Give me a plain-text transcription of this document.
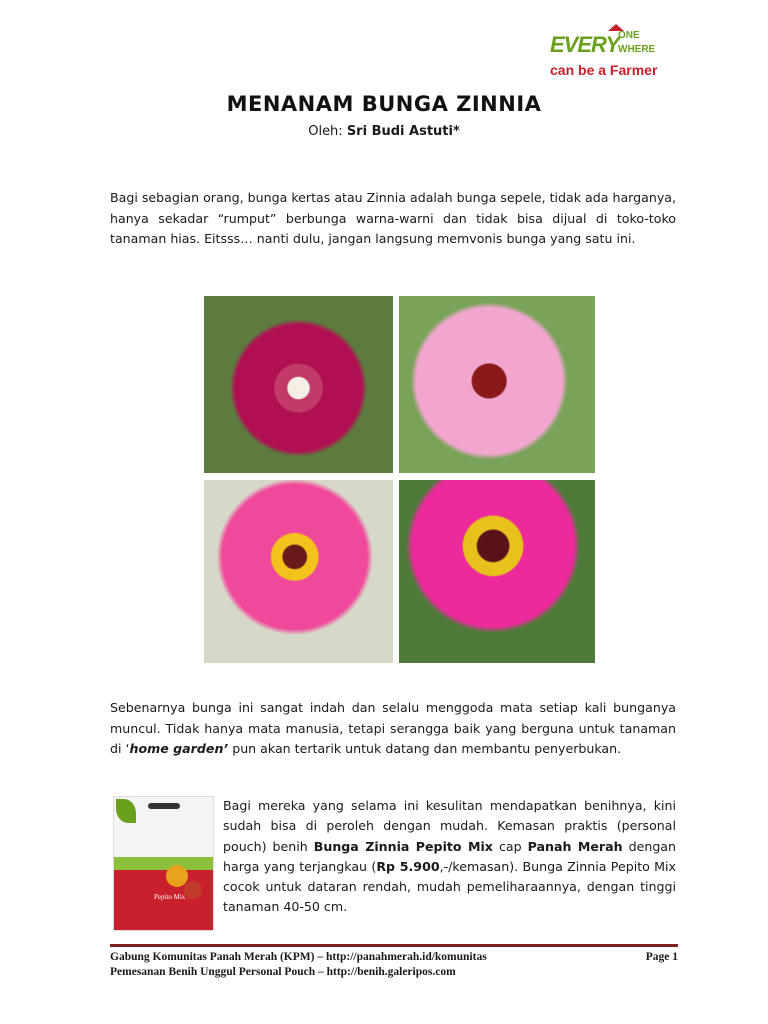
EVERY
ONE
WHERE
can be a Farmer
MENANAM BUNGA ZINNIA
Oleh: Sri Budi Astuti*
Bagi sebagian orang, bunga kertas atau Zinnia adalah bunga sepele, tidak ada harganya, hanya sekadar “rumput” berbunga warna-warni dan tidak bisa dijual di toko-toko tanaman hias. Eitsss… nanti dulu, jangan langsung memvonis bunga yang satu ini.
Sebenarnya bunga ini sangat indah dan selalu menggoda mata setiap kali bunganya muncul. Tidak hanya mata manusia, tetapi serangga baik yang berguna untuk tanaman di ‘home garden’ pun akan tertarik untuk datang dan membantu penyerbukan.
Pepito Mix
Bagi mereka yang selama ini kesulitan mendapatkan benihnya, kini sudah bisa di peroleh dengan mudah. Kemasan praktis (personal pouch) benih Bunga Zinnia Pepito Mix cap Panah Merah dengan harga yang terjangkau (Rp 5.900,-/kemasan). Bunga Zinnia Pepito Mix cocok untuk dataran rendah, mudah pemeliharaannya, dengan tinggi tanaman 40-50 cm.
Gabung Komunitas Panah Merah (KPM) – http://panahmerah.id/komunitas	Page 1
Pemesanan Benih Unggul Personal Pouch – http://benih.galeripos.com
